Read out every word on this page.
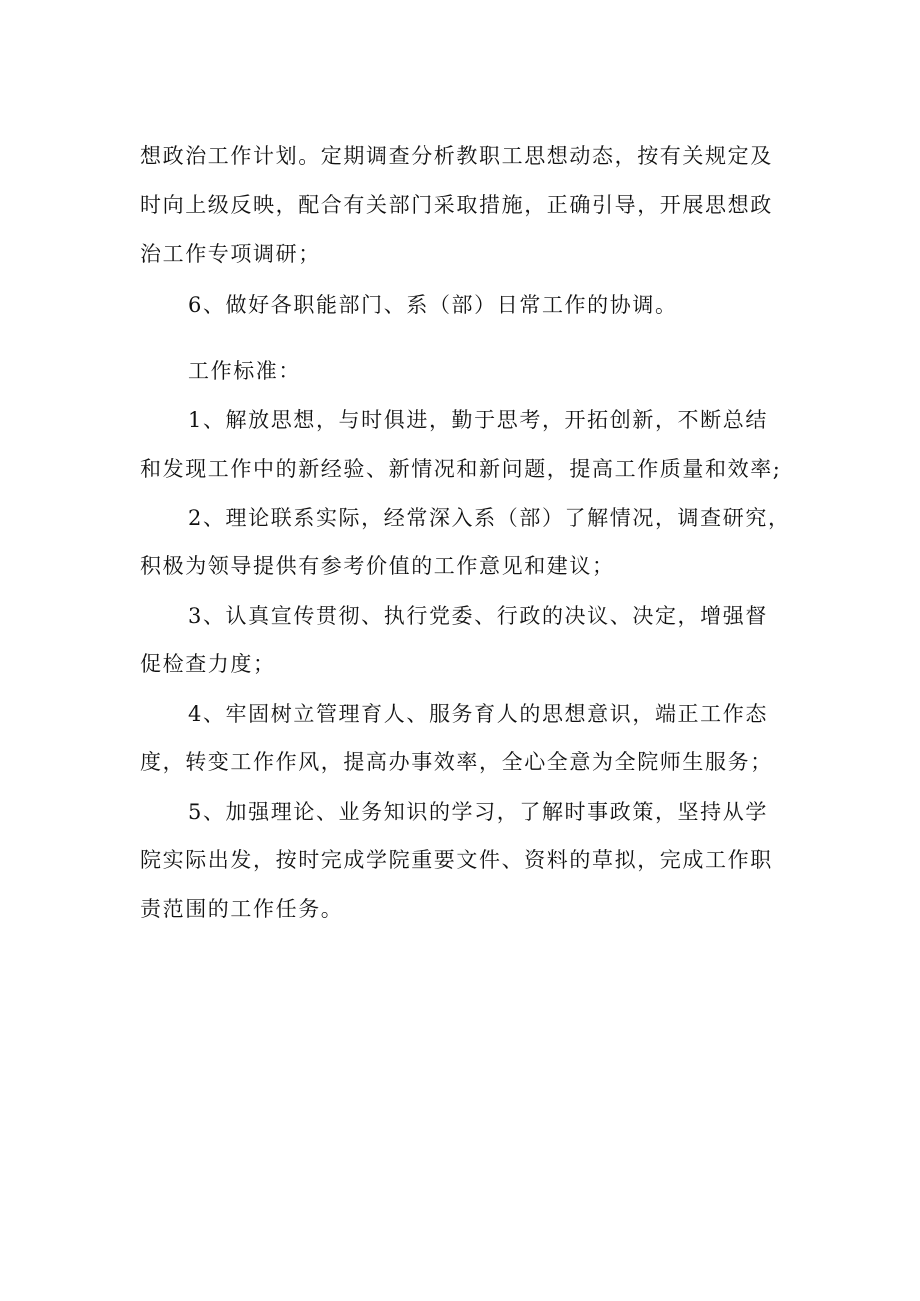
想政治工作计划。定期调查分析教职工思想动态，按有关规定及

时向上级反映，配合有关部门采取措施，正确引导，开展思想政

治工作专项调研；

6、做好各职能部门、系（部）日常工作的协调。

工作标准：

1、解放思想，与时俱进，勤于思考，开拓创新，不断总结

和发现工作中的新经验、新情况和新问题，提高工作质量和效率;

2、理论联系实际，经常深入系（部）了解情况，调查研究，

积极为领导提供有参考价值的工作意见和建议；

3、认真宣传贯彻、执行党委、行政的决议、决定，增强督

促检查力度；

4、牢固树立管理育人、服务育人的思想意识，端正工作态

度，转变工作作风，提高办事效率，全心全意为全院师生服务；

5、加强理论、业务知识的学习，了解时事政策，坚持从学

院实际出发，按时完成学院重要文件、资料的草拟，完成工作职

责范围的工作任务。
